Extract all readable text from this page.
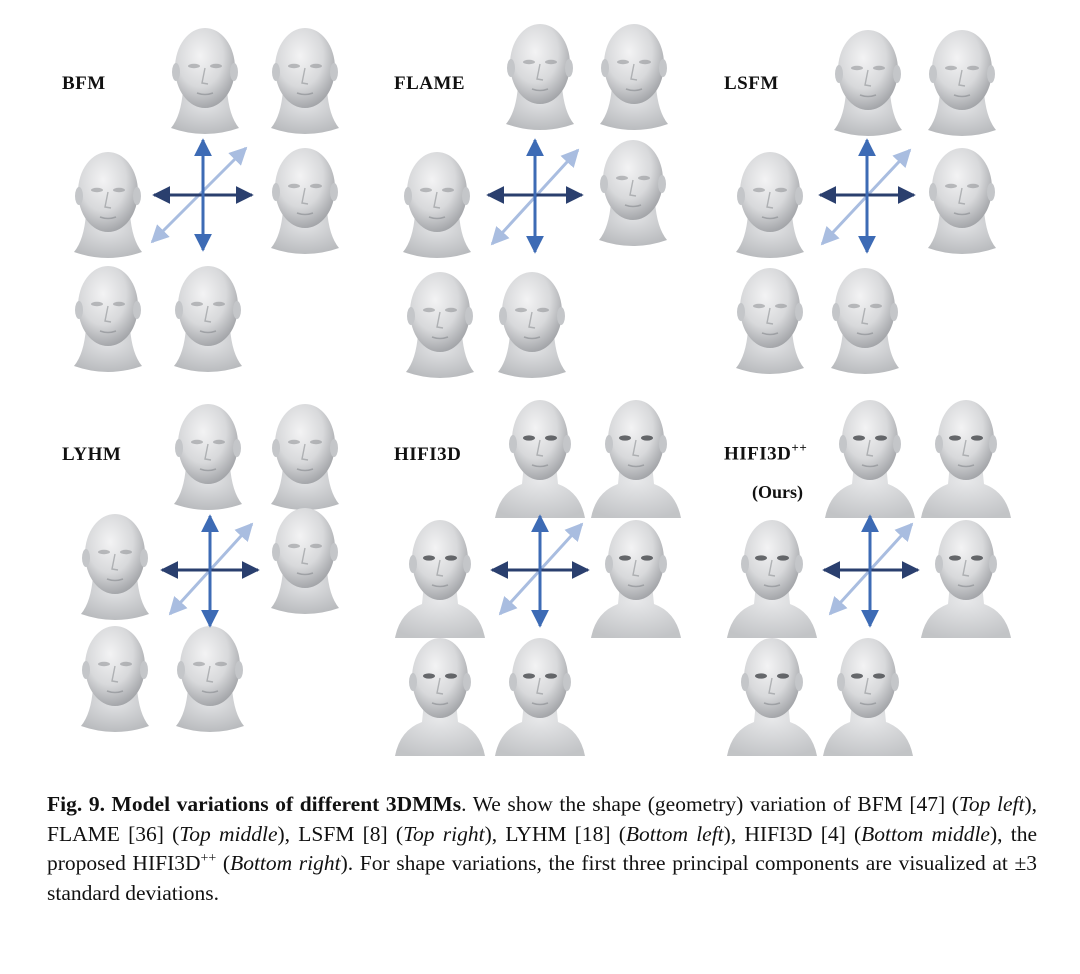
BFM	FLAME	LSFM
LYHM	HIFI3D	HIFI3D++
(Ours)
Fig. 9. Model variations of different 3DMMs. We show the shape (geometry) variation of BFM [47] (Top left), FLAME [36] (Top middle), LSFM [8] (Top right), LYHM [18] (Bottom left), HIFI3D [4] (Bottom middle), the proposed HIFI3D++ (Bottom right). For shape variations, the first three principal components are visualized at ±3 standard deviations.
